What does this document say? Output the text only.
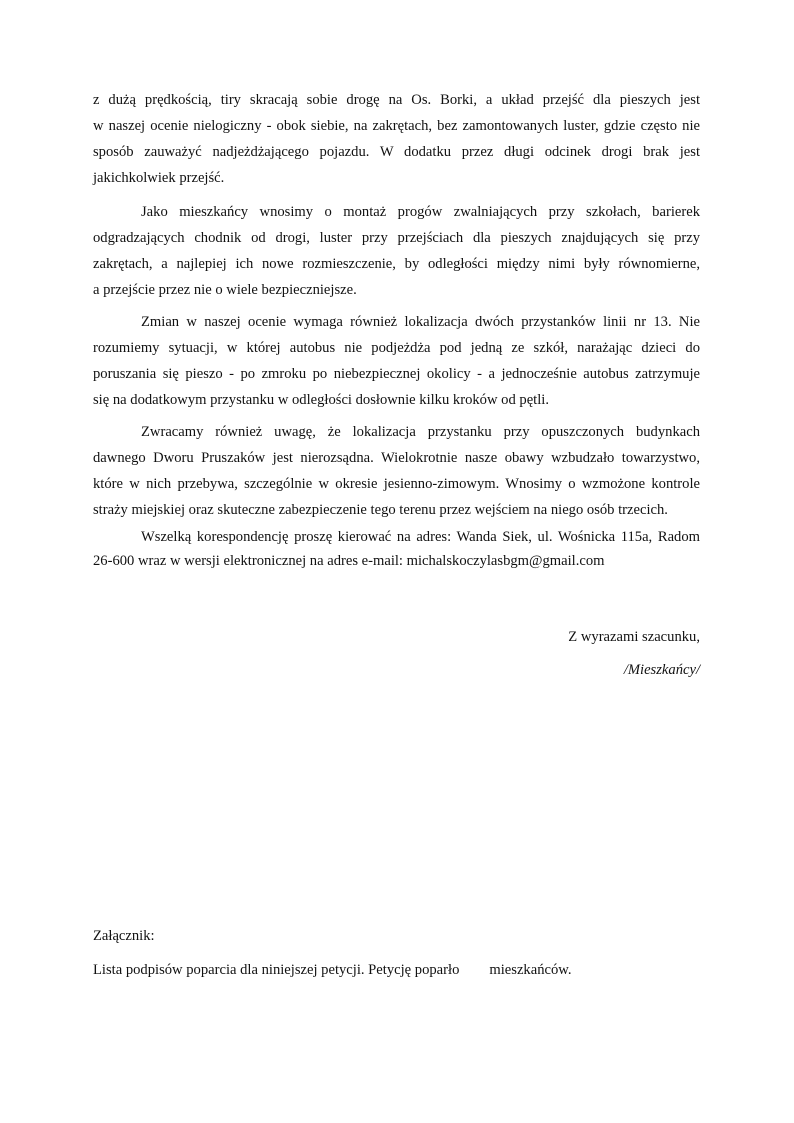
z dużą prędkością, tiry skracają sobie drogę na Os. Borki, a układ przejść dla pieszych jest
w naszej ocenie nielogiczny - obok siebie, na zakrętach, bez zamontowanych luster, gdzie często nie
sposób zauważyć nadjeżdżającego pojazdu. W dodatku przez długi odcinek drogi brak jest
jakichkolwiek przejść.
Jako mieszkańcy wnosimy o montaż progów zwalniających przy szkołach, barierek
odgradzających chodnik od drogi, luster przy przejściach dla pieszych znajdujących się przy
zakrętach, a najlepiej ich nowe rozmieszczenie, by odległości między nimi były równomierne,
a przejście przez nie o wiele bezpieczniejsze.
Zmian w naszej ocenie wymaga również lokalizacja dwóch przystanków linii nr 13. Nie
rozumiemy sytuacji, w której autobus nie podjeżdża pod jedną ze szkół, narażając dzieci do
poruszania się pieszo - po zmroku po niebezpiecznej okolicy - a jednocześnie autobus zatrzymuje
się na dodatkowym przystanku w odległości dosłownie kilku kroków od pętli.
Zwracamy również uwagę, że lokalizacja przystanku przy opuszczonych budynkach
dawnego Dworu Pruszaków jest nierozsądna. Wielokrotnie nasze obawy wzbudzało towarzystwo,
które w nich przebywa, szczególnie w okresie jesienno-zimowym. Wnosimy o wzmożone kontrole
straży miejskiej oraz skuteczne zabezpieczenie tego terenu przez wejściem na niego osób trzecich.
Wszelką korespondencję proszę kierować na adres: Wanda Siek, ul. Wośnicka 115a, Radom
26-600 wraz w wersji elektronicznej na adres e-mail: michalskoczylasbgm@gmail.com
Z wyrazami szacunku,
/Mieszkańcy/
Załącznik:
Lista podpisów poparcia dla niniejszej petycji. Petycję poparło mieszkańców.
